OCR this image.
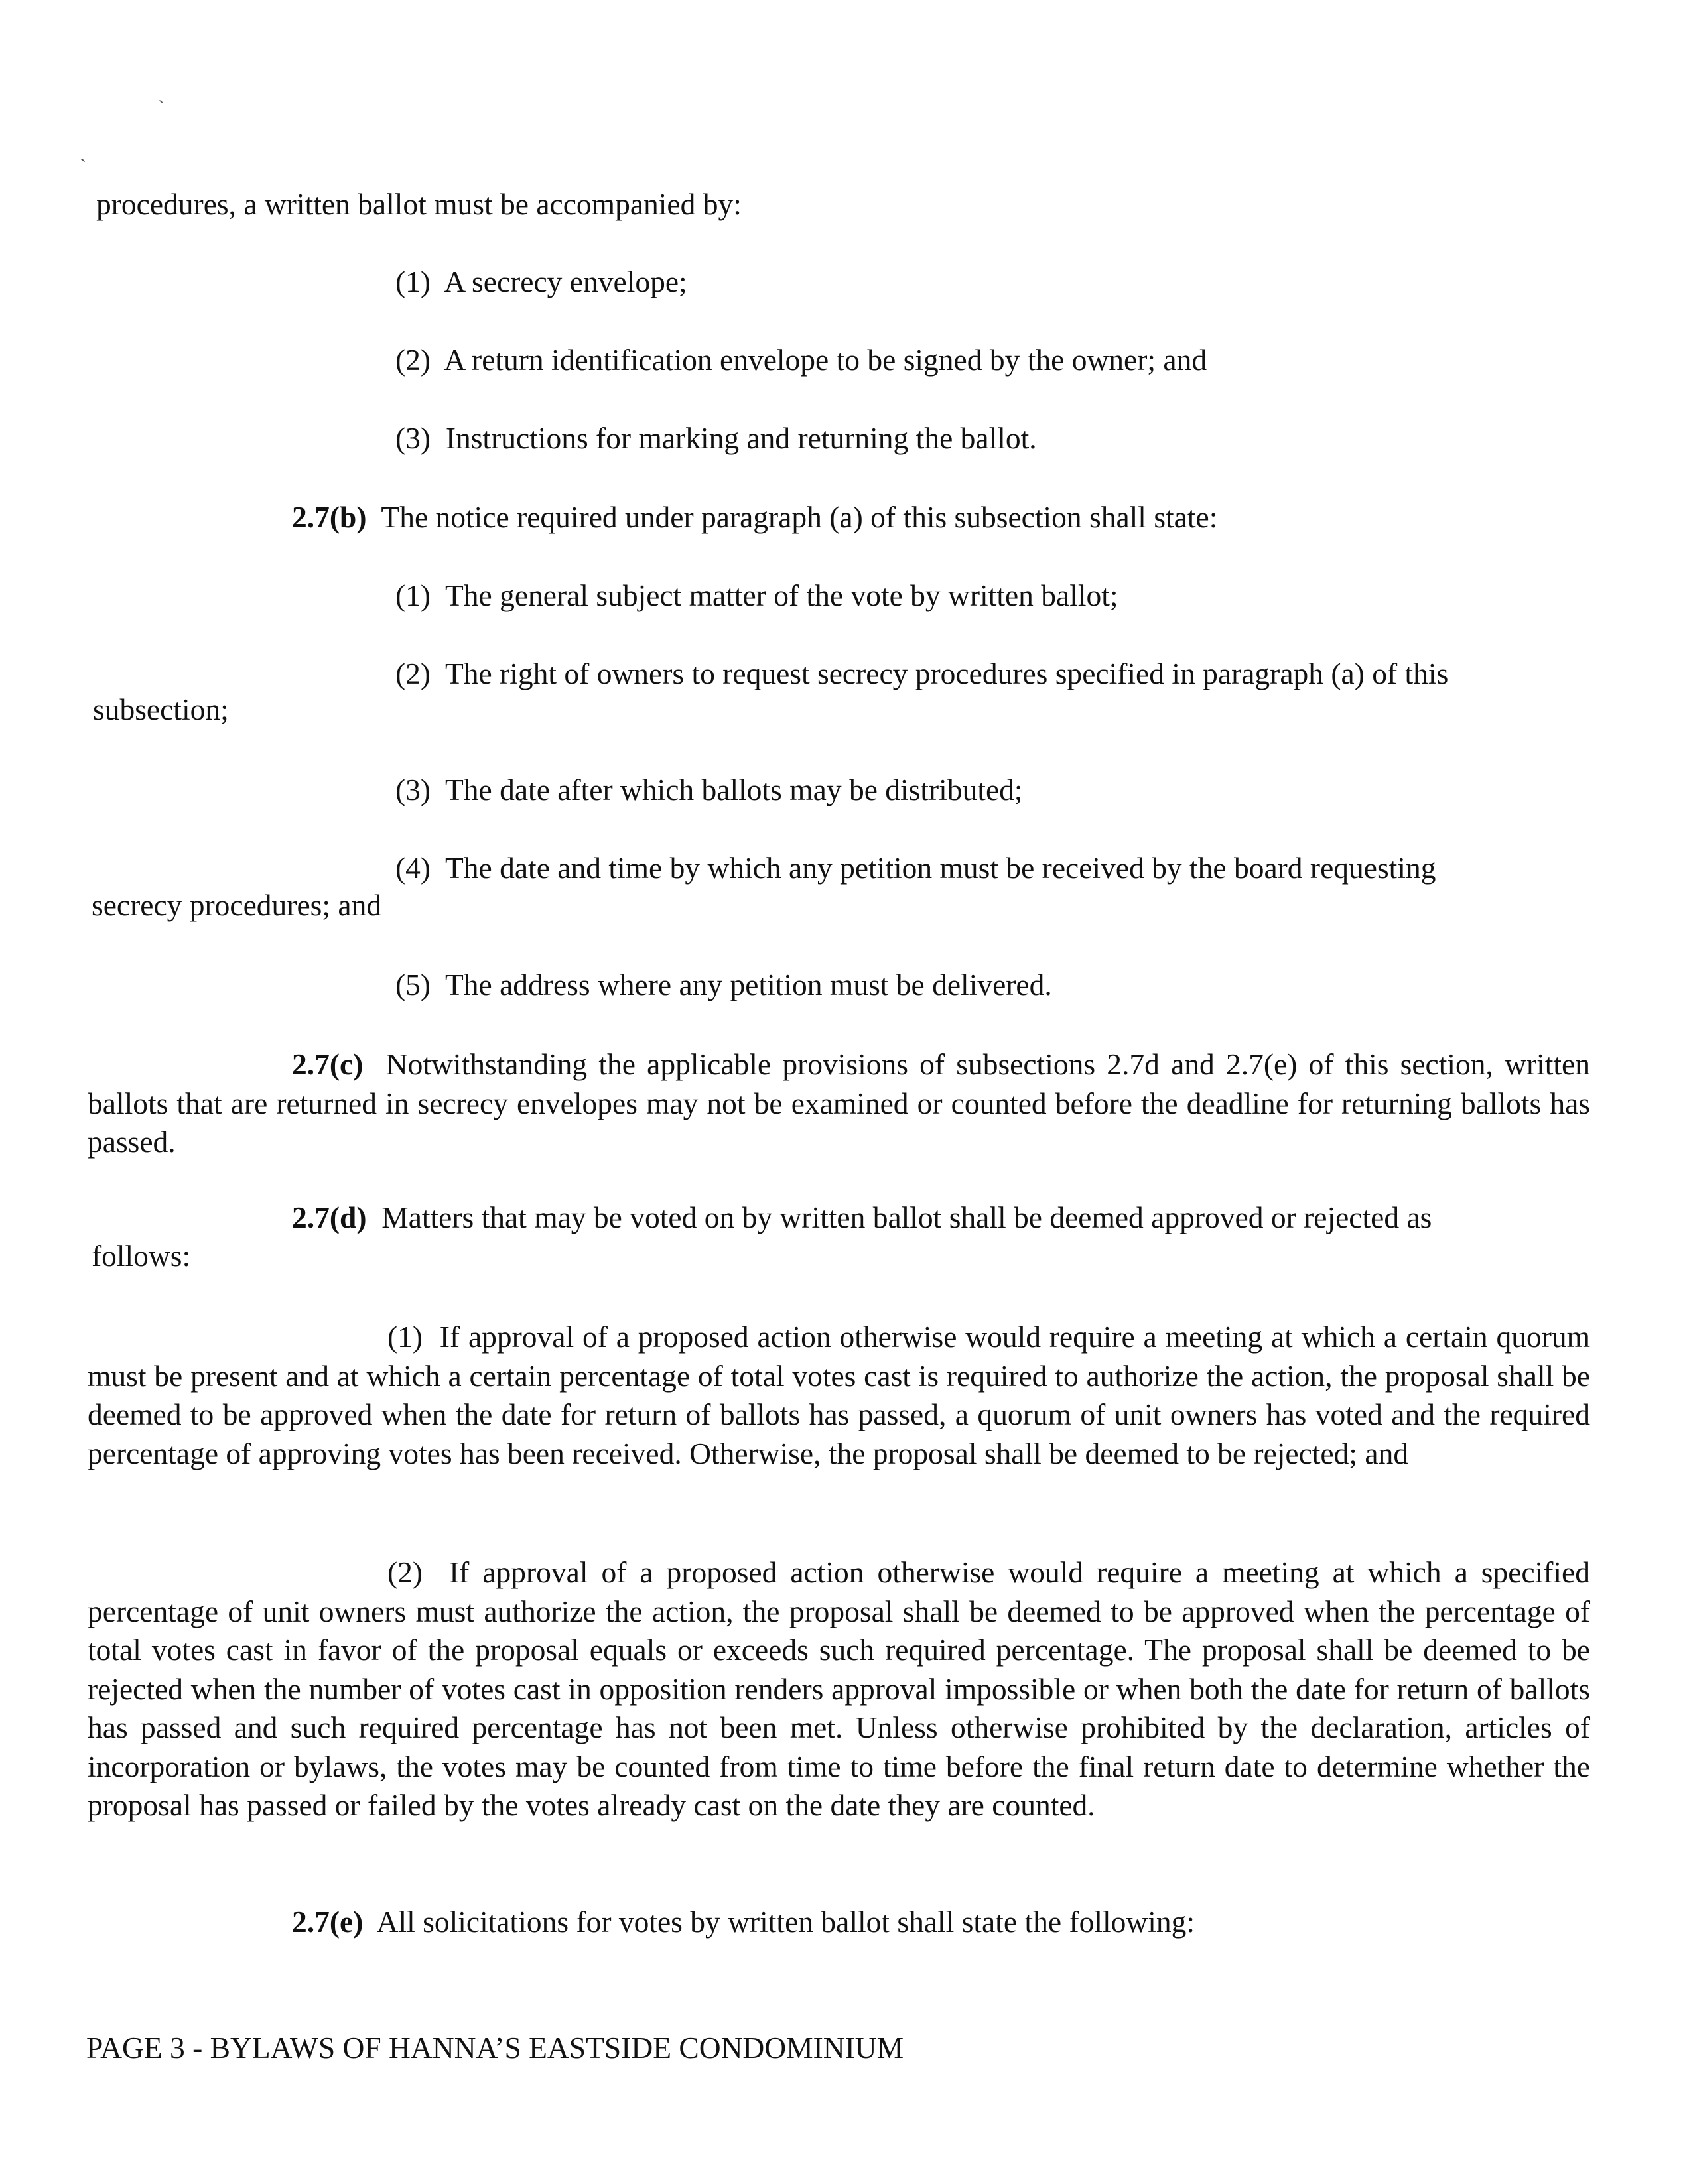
`
`
procedures, a written ballot must be accompanied by:
(1) A secrecy envelope;
(2) A return identification envelope to be signed by the owner; and
(3) Instructions for marking and returning the ballot.
2.7(b) The notice required under paragraph (a) of this subsection shall state:
(1) The general subject matter of the vote by written ballot;
(2) The right of owners to request secrecy procedures specified in paragraph (a) of this
subsection;
(3) The date after which ballots may be distributed;
(4) The date and time by which any petition must be received by the board requesting
secrecy procedures; and
(5) The address where any petition must be delivered.
2.7(c) Notwithstanding the applicable provisions of subsections 2.7d and 2.7(e) of this section, written ballots that are returned in secrecy envelopes may not be examined or counted before the deadline for returning ballots has passed.
2.7(d) Matters that may be voted on by written ballot shall be deemed approved or rejected as
follows:
(1) If approval of a proposed action otherwise would require a meeting at which a certain quorum must be present and at which a certain percentage of total votes cast is required to authorize the action, the proposal shall be deemed to be approved when the date for return of ballots has passed, a quorum of unit owners has voted and the required percentage of approving votes has been received. Otherwise, the proposal shall be deemed to be rejected; and
(2) If approval of a proposed action otherwise would require a meeting at which a specified percentage of unit owners must authorize the action, the proposal shall be deemed to be approved when the percentage of total votes cast in favor of the proposal equals or exceeds such required percentage. The proposal shall be deemed to be rejected when the number of votes cast in opposition renders approval impossible or when both the date for return of ballots has passed and such required percentage has not been met. Unless otherwise prohibited by the declaration, articles of incorporation or bylaws, the votes may be counted from time to time before the final return date to determine whether the proposal has passed or failed by the votes already cast on the date they are counted.
2.7(e) All solicitations for votes by written ballot shall state the following:
PAGE 3 - BYLAWS OF HANNA’S EASTSIDE CONDOMINIUM
